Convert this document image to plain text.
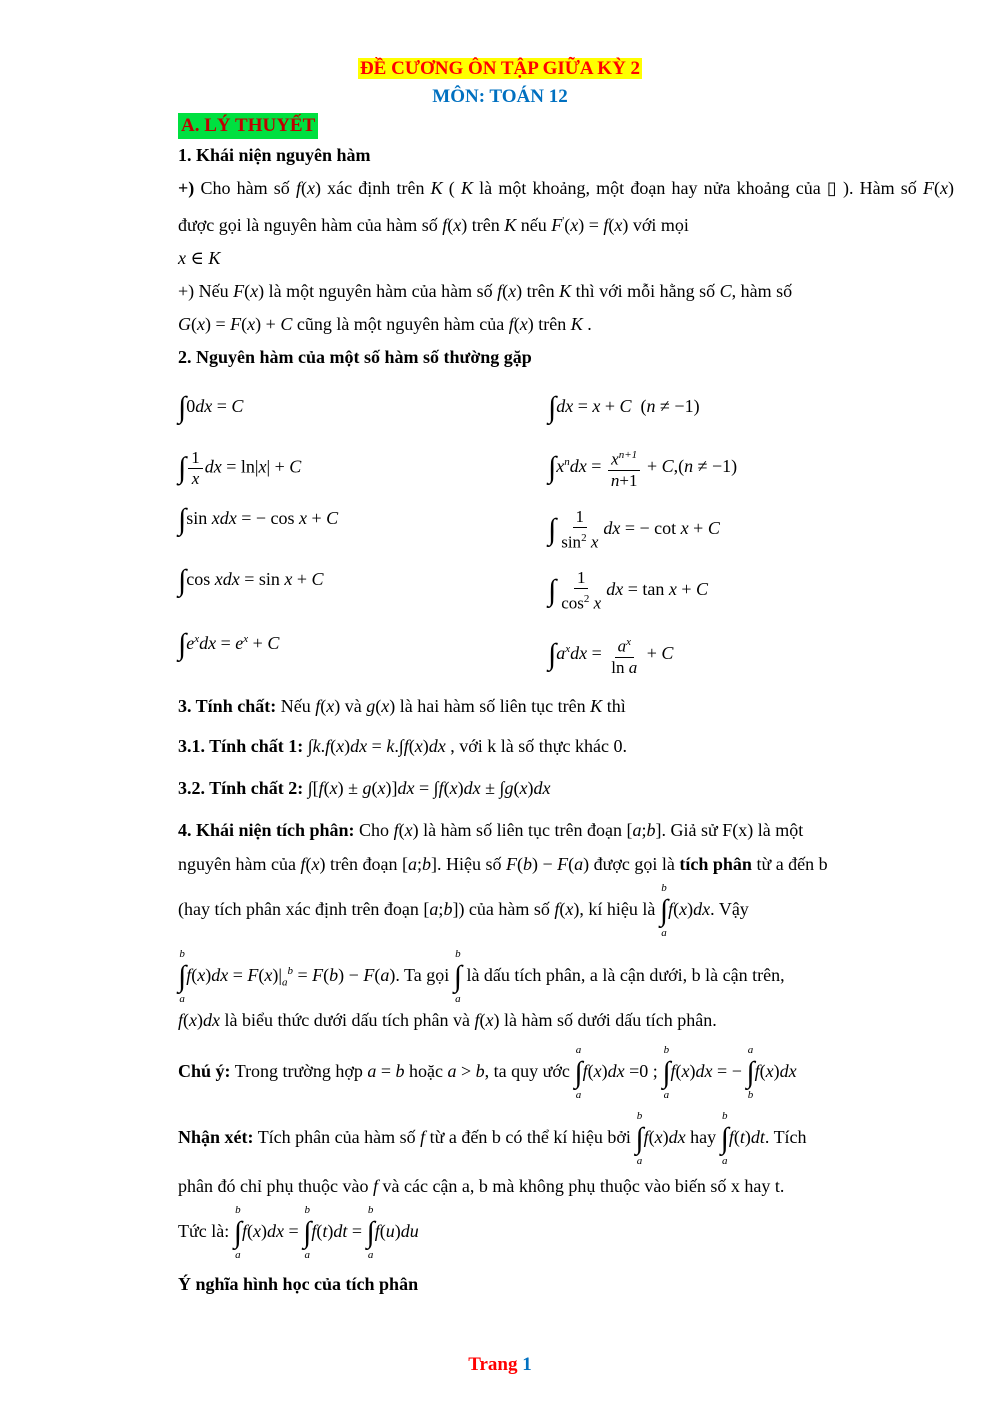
ĐỀ CƯƠNG ÔN TẬP GIỮA KỲ 2
MÔN: TOÁN 12
A. LÝ THUYẾT
1. Khái niện nguyên hàm
+) Cho hàm số f(x) xác định trên K ( K là một khoảng, một đoạn hay nửa khoảng của ▯ ). Hàm số F(x) được gọi là nguyên hàm của hàm số f(x) trên K nếu F'(x) = f(x) với mọi
x ∈ K
+) Nếu F(x) là một nguyên hàm của hàm số f(x) trên K thì với mỗi hằng số C, hàm số
G(x) = F(x) + C cũng là một nguyên hàm của f(x) trên K .
2. Nguyên hàm của một số hàm số thường gặp
∫0dx = C
∫ $\frac{1}{x}$ dx = ln|x| + C
∫sin xdx = − cos x + C
∫cos xdx = sin x + C
$\int e^xdx = e^x + C$
∫dx = x + C  (n ≠ −1)
$\int x^ndx = \frac{x^{n+1}}{n+1} + C,(n \ne -1)$
∫ $\frac{1}{\sin^2 x}$ dx = − cot x + C
∫ $\frac{1}{\cos^2 x}$ dx = tan x + C
$\int a^xdx = \frac{a^x}{\text{ln a}} + C$
3. Tính chất: Nếu f(x) và g(x) là hai hàm số liên tục trên K thì
3.1. Tính chất 1: ∫k.f(x)dx = k.∫f(x)dx , với k là số thực khác 0.
3.2. Tính chất 2: ∫[f(x) ± g(x)]dx = ∫f(x)dx ± ∫g(x)dx
4. Khái niện tích phân: Cho f(x) là hàm số liên tục trên đoạn [a;b]. Giả sử F(x) là một
nguyên hàm của f(x) trên đoạn [a;b]. Hiệu số F(b) − F(a) được gọi là tích phân từ a đến b
(hay tích phân xác định trên đoạn [a;b]) của hàm số f(x), kí hiệu là
b
∫
a
f(x)dx. Vậy
b
∫
a
$f(x)dx = F(x)|_a^b = F(b) - F(a)$. Ta gọi
b
∫
a
là dấu tích phân, a là cận dưới, b là cận trên,
f(x)dx là biểu thức dưới dấu tích phân và f(x) là hàm số dưới dấu tích phân.
Chú ý: Trong trường hợp a = b hoặc a > b, ta quy ước
a
∫
a
f(x)dx =0 ;
b
∫
a
f(x)dx = −
a
∫
b
f(x)dx
Nhận xét: Tích phân của hàm số f từ a đến b có thể kí hiệu bởi
b
∫
a
f(x)dx hay
b
∫
a
f(t)dt. Tích
phân đó chỉ phụ thuộc vào f và các cận a, b mà không phụ thuộc vào biến số x hay t.
Tức là:
b
∫
a
f(x)dx =
b
∫
a
f(t)dt =
b
∫
a
f(u)du
Ý nghĩa hình học của tích phân
Trang 1
